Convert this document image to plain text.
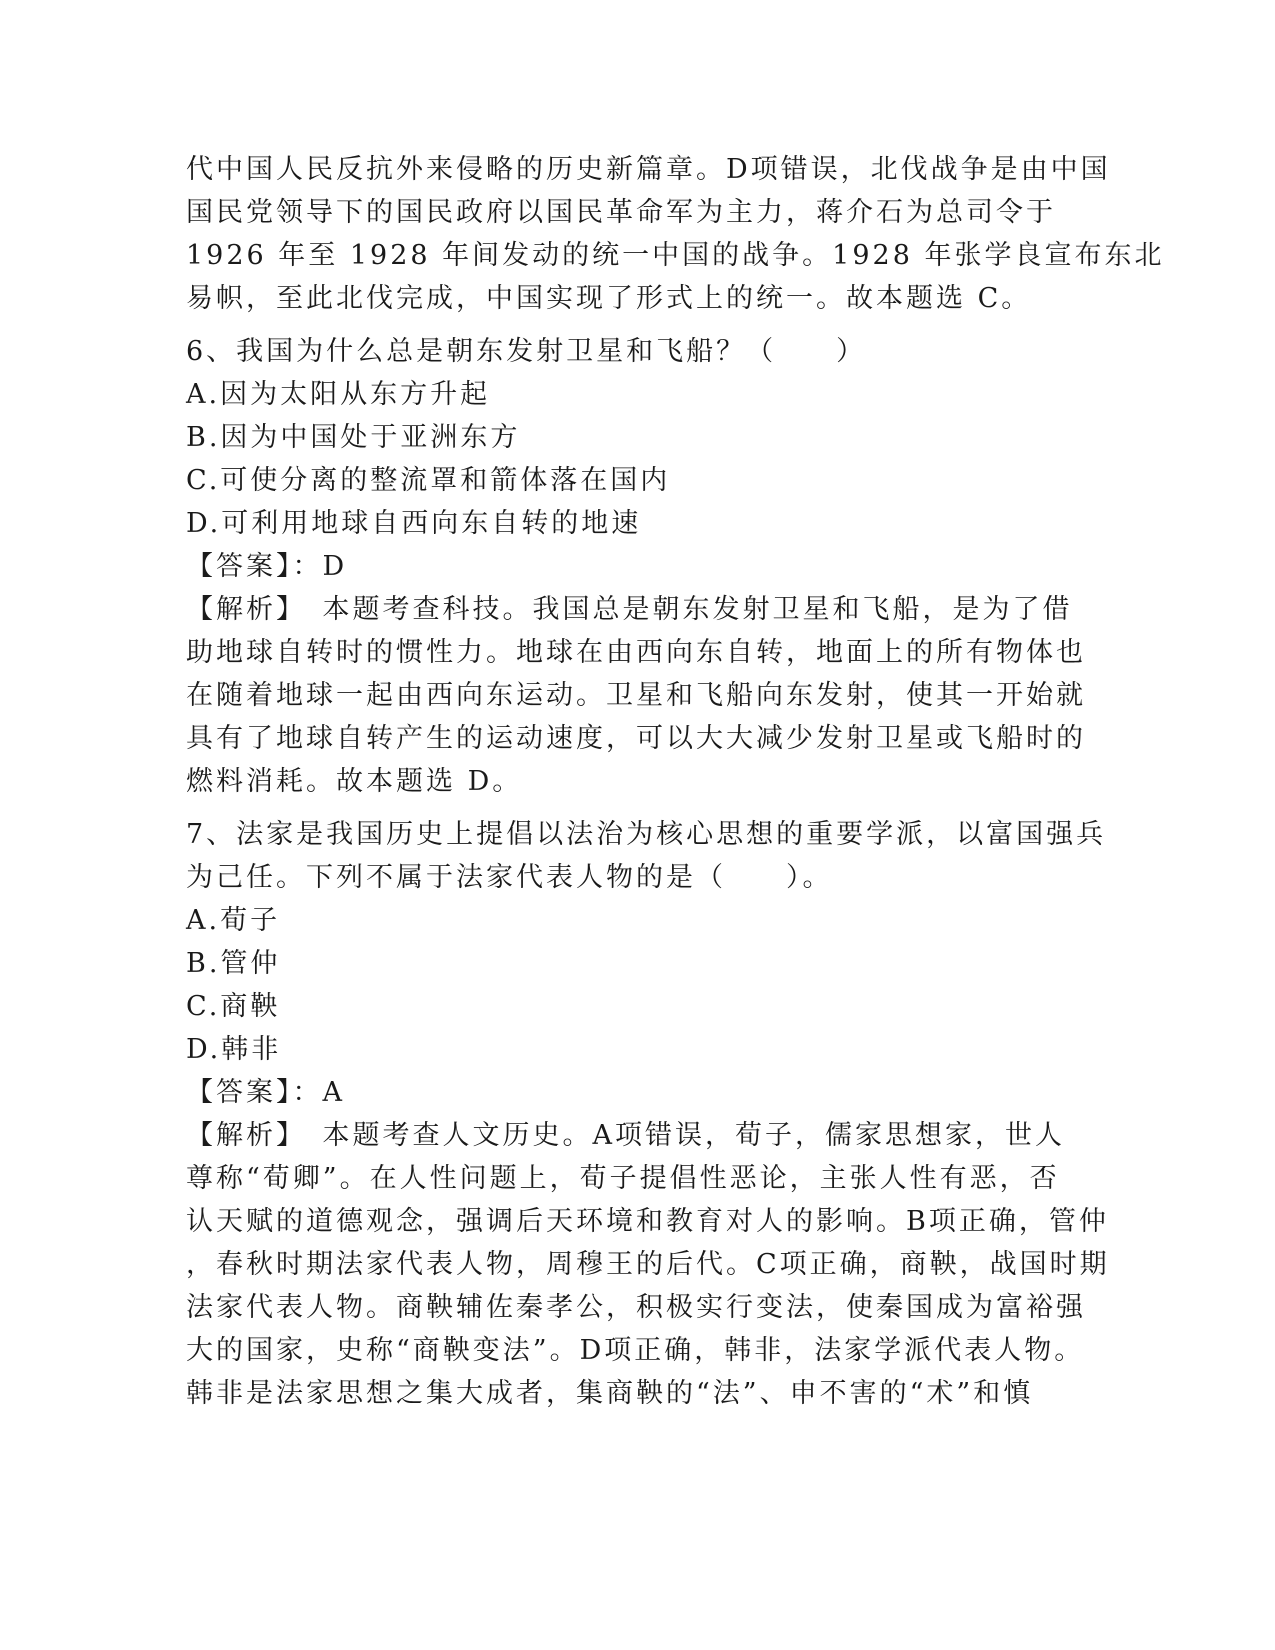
代中国人民反抗外来侵略的历史新篇章。D项错误，北伐战争是由中国
国民党领导下的国民政府以国民革命军为主力，蒋介石为总司令于
1926 年至 1928 年间发动的统一中国的战争。1928 年张学良宣布东北
易帜，至此北伐完成，中国实现了形式上的统一。故本题选 C。
6、我国为什么总是朝东发射卫星和飞船？（　　）
A.因为太阳从东方升起
B.因为中国处于亚洲东方
C.可使分离的整流罩和箭体落在国内
D.可利用地球自西向东自转的地速
【答案】：D
【解析】　本题考查科技。我国总是朝东发射卫星和飞船，是为了借
助地球自转时的惯性力。地球在由西向东自转，地面上的所有物体也
在随着地球一起由西向东运动。卫星和飞船向东发射，使其一开始就
具有了地球自转产生的运动速度，可以大大减少发射卫星或飞船时的
燃料消耗。故本题选 D。
7、法家是我国历史上提倡以法治为核心思想的重要学派，以富国强兵
为己任。下列不属于法家代表人物的是（　　）。
A.荀子
B.管仲
C.商鞅
D.韩非
【答案】：A
【解析】　本题考查人文历史。A项错误，荀子，儒家思想家，世人
尊称“荀卿”。在人性问题上，荀子提倡性恶论，主张人性有恶，否
认天赋的道德观念，强调后天环境和教育对人的影响。B项正确，管仲
，春秋时期法家代表人物，周穆王的后代。C项正确，商鞅，战国时期
法家代表人物。商鞅辅佐秦孝公，积极实行变法，使秦国成为富裕强
大的国家，史称“商鞅变法”。D项正确，韩非，法家学派代表人物。
韩非是法家思想之集大成者，集商鞅的“法”、申不害的“术”和慎
